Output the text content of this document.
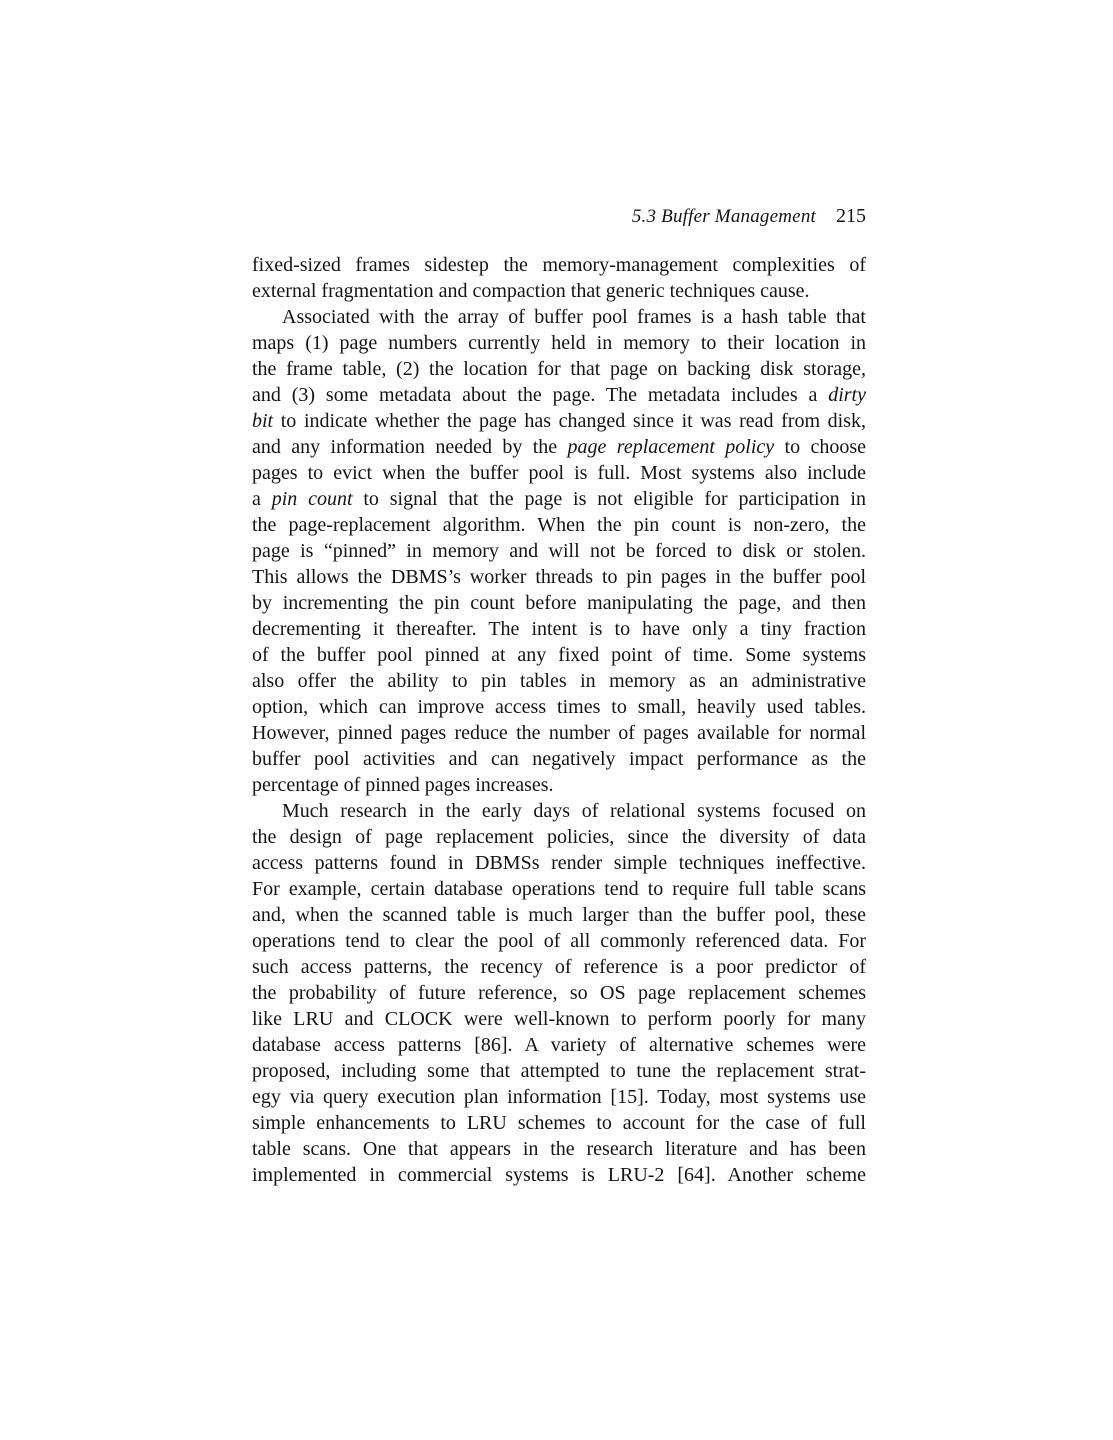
5.3 Buffer Management 215
fixed-sized frames sidestep the memory-management complexities of
external fragmentation and compaction that generic techniques cause.
Associated with the array of buffer pool frames is a hash table that
maps (1) page numbers currently held in memory to their location in
the frame table, (2) the location for that page on backing disk storage,
and (3) some metadata about the page. The metadata includes a dirty
bit to indicate whether the page has changed since it was read from disk,
and any information needed by the page replacement policy to choose
pages to evict when the buffer pool is full. Most systems also include
a pin count to signal that the page is not eligible for participation in
the page-replacement algorithm. When the pin count is non-zero, the
page is “pinned” in memory and will not be forced to disk or stolen.
This allows the DBMS’s worker threads to pin pages in the buffer pool
by incrementing the pin count before manipulating the page, and then
decrementing it thereafter. The intent is to have only a tiny fraction
of the buffer pool pinned at any fixed point of time. Some systems
also offer the ability to pin tables in memory as an administrative
option, which can improve access times to small, heavily used tables.
However, pinned pages reduce the number of pages available for normal
buffer pool activities and can negatively impact performance as the
percentage of pinned pages increases.
Much research in the early days of relational systems focused on
the design of page replacement policies, since the diversity of data
access patterns found in DBMSs render simple techniques ineffective.
For example, certain database operations tend to require full table scans
and, when the scanned table is much larger than the buffer pool, these
operations tend to clear the pool of all commonly referenced data. For
such access patterns, the recency of reference is a poor predictor of
the probability of future reference, so OS page replacement schemes
like LRU and CLOCK were well-known to perform poorly for many
database access patterns [86]. A variety of alternative schemes were
proposed, including some that attempted to tune the replacement strat-
egy via query execution plan information [15]. Today, most systems use
simple enhancements to LRU schemes to account for the case of full
table scans. One that appears in the research literature and has been
implemented in commercial systems is LRU-2 [64]. Another scheme
